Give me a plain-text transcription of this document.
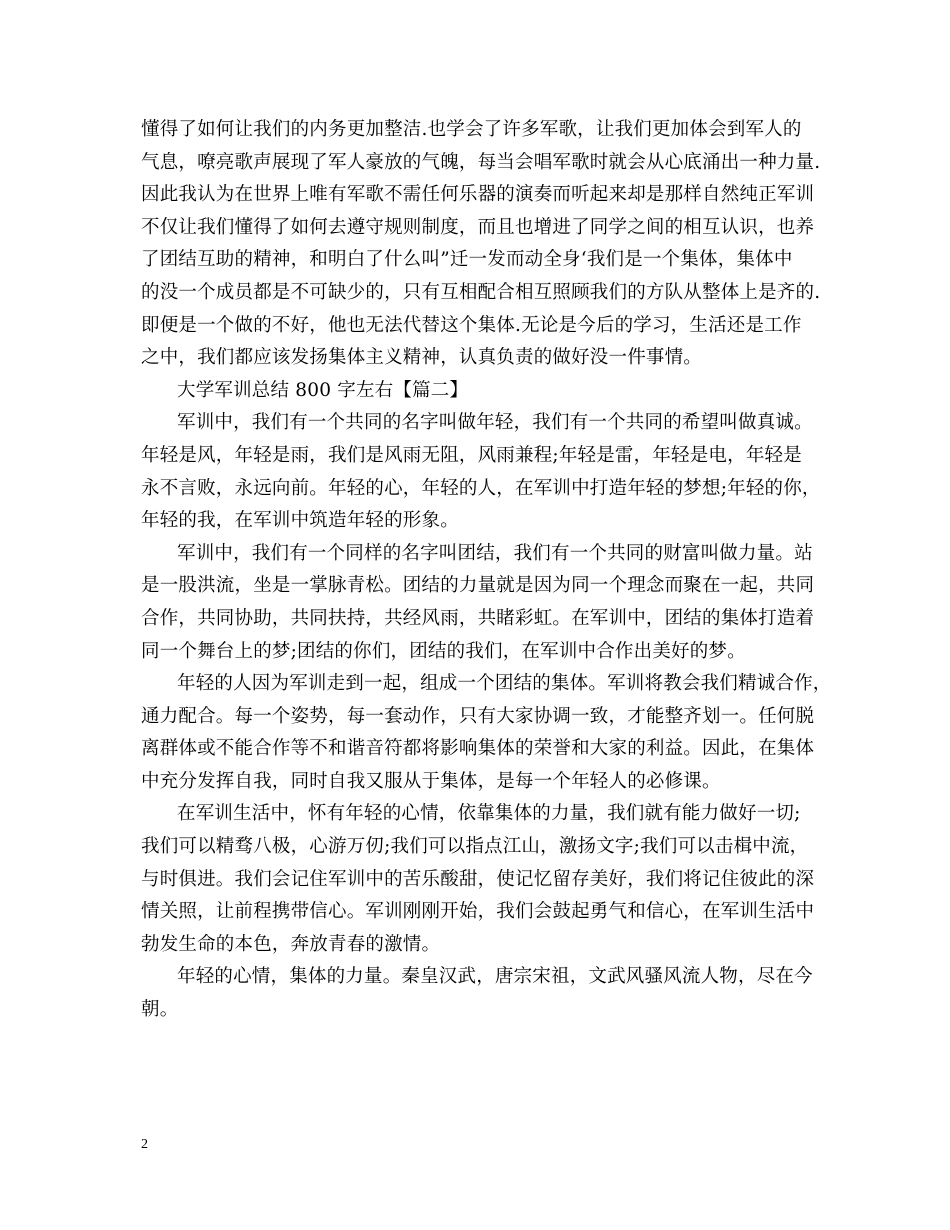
懂得了如何让我们的内务更加整洁.也学会了许多军歌，让我们更加体会到军人的
气息，嘹亮歌声展现了军人豪放的气魄，每当会唱军歌时就会从心底涌出一种力量.
因此我认为在世界上唯有军歌不需任何乐器的演奏而听起来却是那样自然纯正军训
不仅让我们懂得了如何去遵守规则制度，而且也增进了同学之间的相互认识，也养
了团结互助的精神，和明白了什么叫”迁一发而动全身‘我们是一个集体，集体中
的没一个成员都是不可缺少的，只有互相配合相互照顾我们的方队从整体上是齐的.
即便是一个做的不好，他也无法代替这个集体.无论是今后的学习，生活还是工作
之中，我们都应该发扬集体主义精神，认真负责的做好没一件事情。
大学军训总结 800 字左右【篇二】
军训中，我们有一个共同的名字叫做年轻，我们有一个共同的希望叫做真诚。
年轻是风，年轻是雨，我们是风雨无阻，风雨兼程;年轻是雷，年轻是电，年轻是
永不言败，永远向前。年轻的心，年轻的人，在军训中打造年轻的梦想;年轻的你，
年轻的我，在军训中筑造年轻的形象。
军训中，我们有一个同样的名字叫团结，我们有一个共同的财富叫做力量。站
是一股洪流，坐是一掌脉青松。团结的力量就是因为同一个理念而聚在一起，共同
合作，共同协助，共同扶持，共经风雨，共睹彩虹。在军训中，团结的集体打造着
同一个舞台上的梦;团结的你们，团结的我们，在军训中合作出美好的梦。
年轻的人因为军训走到一起，组成一个团结的集体。军训将教会我们精诚合作，
通力配合。每一个姿势，每一套动作，只有大家协调一致，才能整齐划一。任何脱
离群体或不能合作等不和谐音符都将影响集体的荣誉和大家的利益。因此，在集体
中充分发挥自我，同时自我又服从于集体，是每一个年轻人的必修课。
在军训生活中，怀有年轻的心情，依靠集体的力量，我们就有能力做好一切;
我们可以精骛八极，心游万仞;我们可以指点江山，激扬文字;我们可以击楫中流，
与时俱进。我们会记住军训中的苦乐酸甜，使记忆留存美好，我们将记住彼此的深
情关照，让前程携带信心。军训刚刚开始，我们会鼓起勇气和信心，在军训生活中
勃发生命的本色，奔放青春的激情。
年轻的心情，集体的力量。秦皇汉武，唐宗宋祖，文武风骚风流人物，尽在今
朝。
2
